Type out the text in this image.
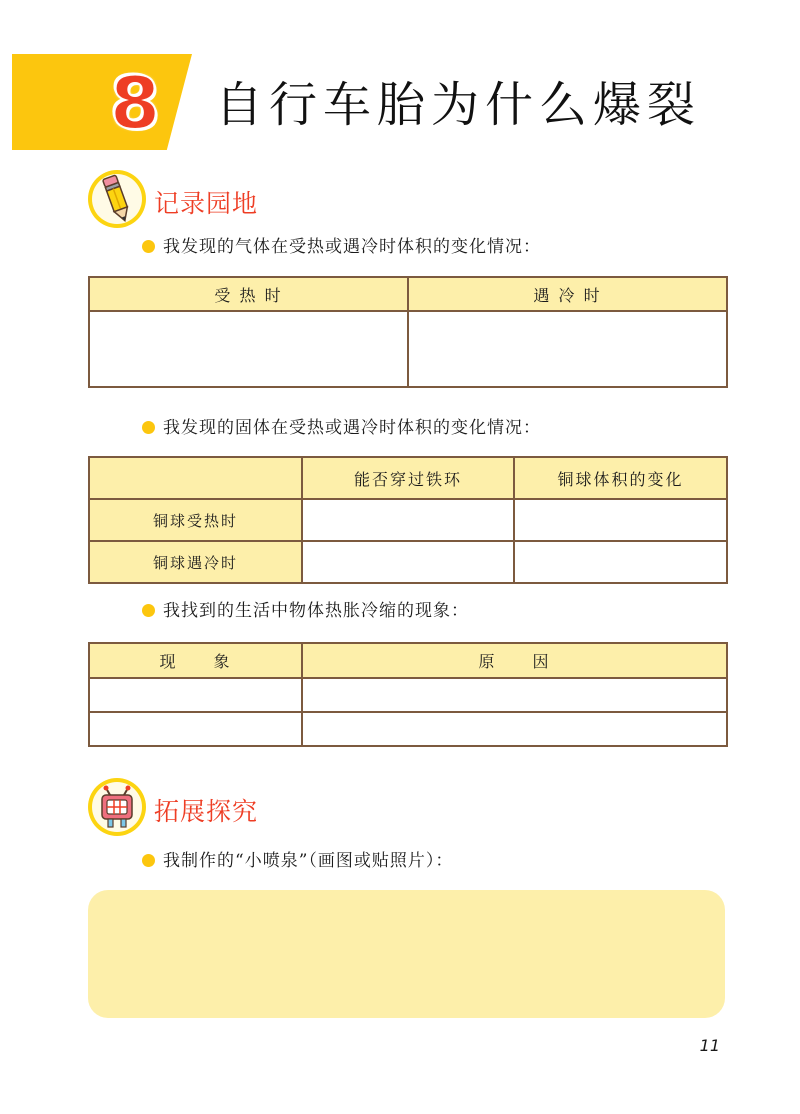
8 自行车胎为什么爆裂
记录园地
我发现的气体在受热或遇冷时体积的变化情况：
受 热 时	遇 冷 时

我发现的固体在受热或遇冷时体积的变化情况：
	能否穿过铁环	铜球体积的变化
铜球受热时		
铜球遇冷时		
我找到的生活中物体热胀冷缩的现象：
现　　象	原　　因

拓展探究
我制作的“小喷泉”（画图或贴照片）：
11
